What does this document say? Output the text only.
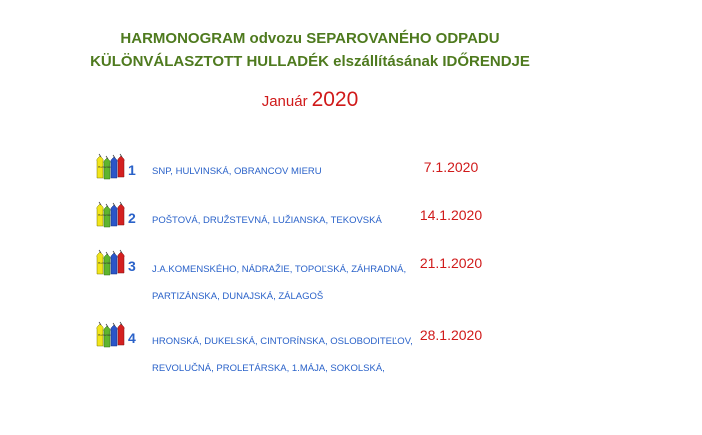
HARMONOGRAM odvozu SEPAROVANÉHO ODPADU
KÜLÖNVÁLASZTOTT HULLADÉK elszállításának IDŐRENDJE
Január 2020
Hulladék 1 SNP, HULVINSKÁ, OBRANCOV MIERU	7.1.2020
Hulladék 2 POŠTOVÁ, DRUŽSTEVNÁ, LUŽIANSKA, TEKOVSKÁ	14.1.2020
Hulladék 3 J.A.KOMENSKÉHO, NÁDRAŽIE, TOPOĽSKÁ, ZÁHRADNÁ,
PARTIZÁNSKA, DUNAJSKÁ, ZÁLAGOŠ
21.1.2020
Hulladék 4 HRONSKÁ, DUKELSKÁ, CINTORÍNSKA, OSLOBODITEĽOV,
REVOLUČNÁ, PROLETÁRSKA, 1.MÁJA, SOKOLSKÁ,
28.1.2020
